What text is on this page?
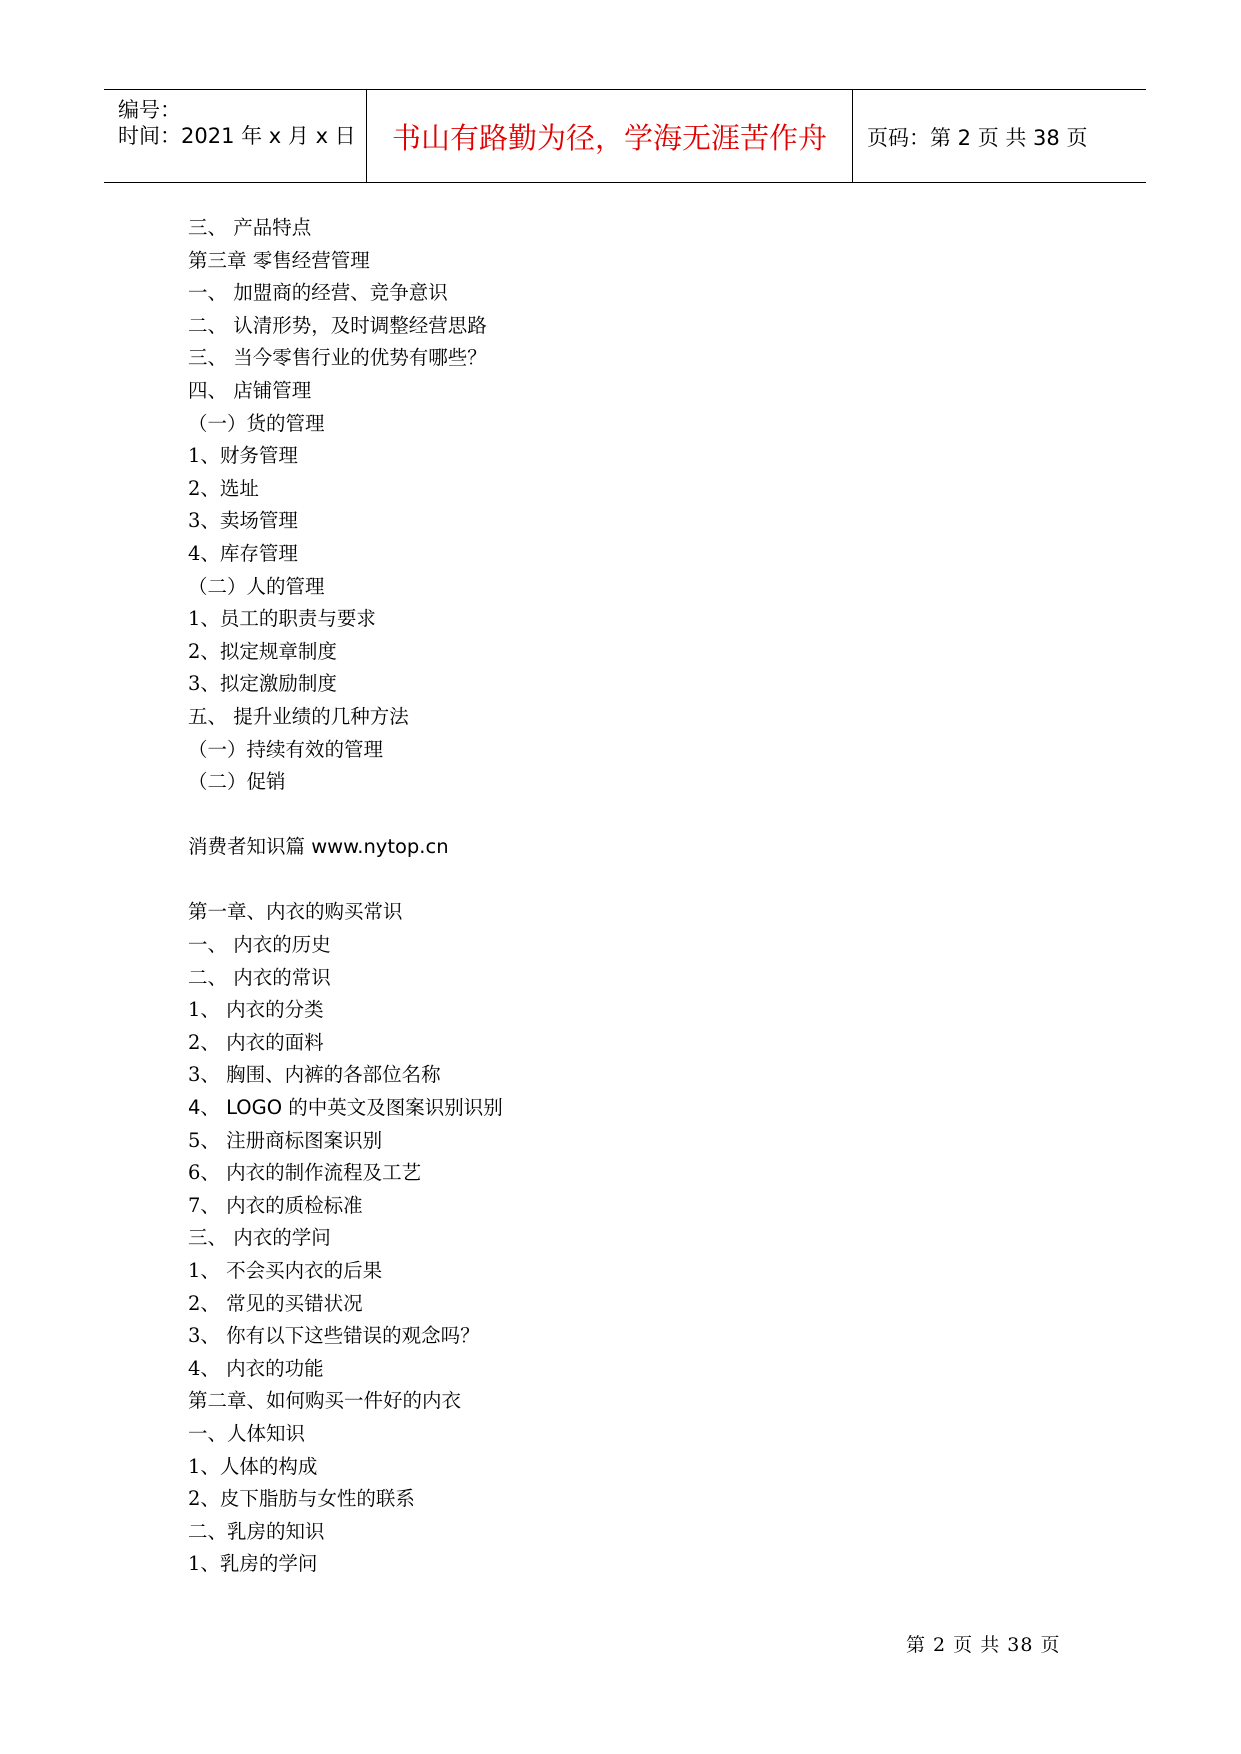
编号：
时间：2021 年 x 月 x 日	书山有路勤为径，学海无涯苦作舟	页码：第 2 页 共 38 页
三、 产品特点
第三章 零售经营管理
一、 加盟商的经营、竞争意识
二、 认清形势，及时调整经营思路
三、 当今零售行业的优势有哪些？
四、 店铺管理
（一）货的管理
1、财务管理
2、选址
3、卖场管理
4、库存管理
（二）人的管理
1、员工的职责与要求
2、拟定规章制度
3、拟定激励制度
五、 提升业绩的几种方法
（一）持续有效的管理
（二）促销
消费者知识篇 www.nytop.cn
第一章、内衣的购买常识
一、 内衣的历史
二、 内衣的常识
1、 内衣的分类
2、 内衣的面料
3、 胸围、内裤的各部位名称
4、 LOGO 的中英文及图案识别识别
5、 注册商标图案识别
6、 内衣的制作流程及工艺
7、 内衣的质检标准
三、 内衣的学问
1、 不会买内衣的后果
2、 常见的买错状况
3、 你有以下这些错误的观念吗？
4、 内衣的功能
第二章、如何购买一件好的内衣
一、人体知识
1、人体的构成
2、皮下脂肪与女性的联系
二、乳房的知识
1、乳房的学问
第 2 页 共 38 页
